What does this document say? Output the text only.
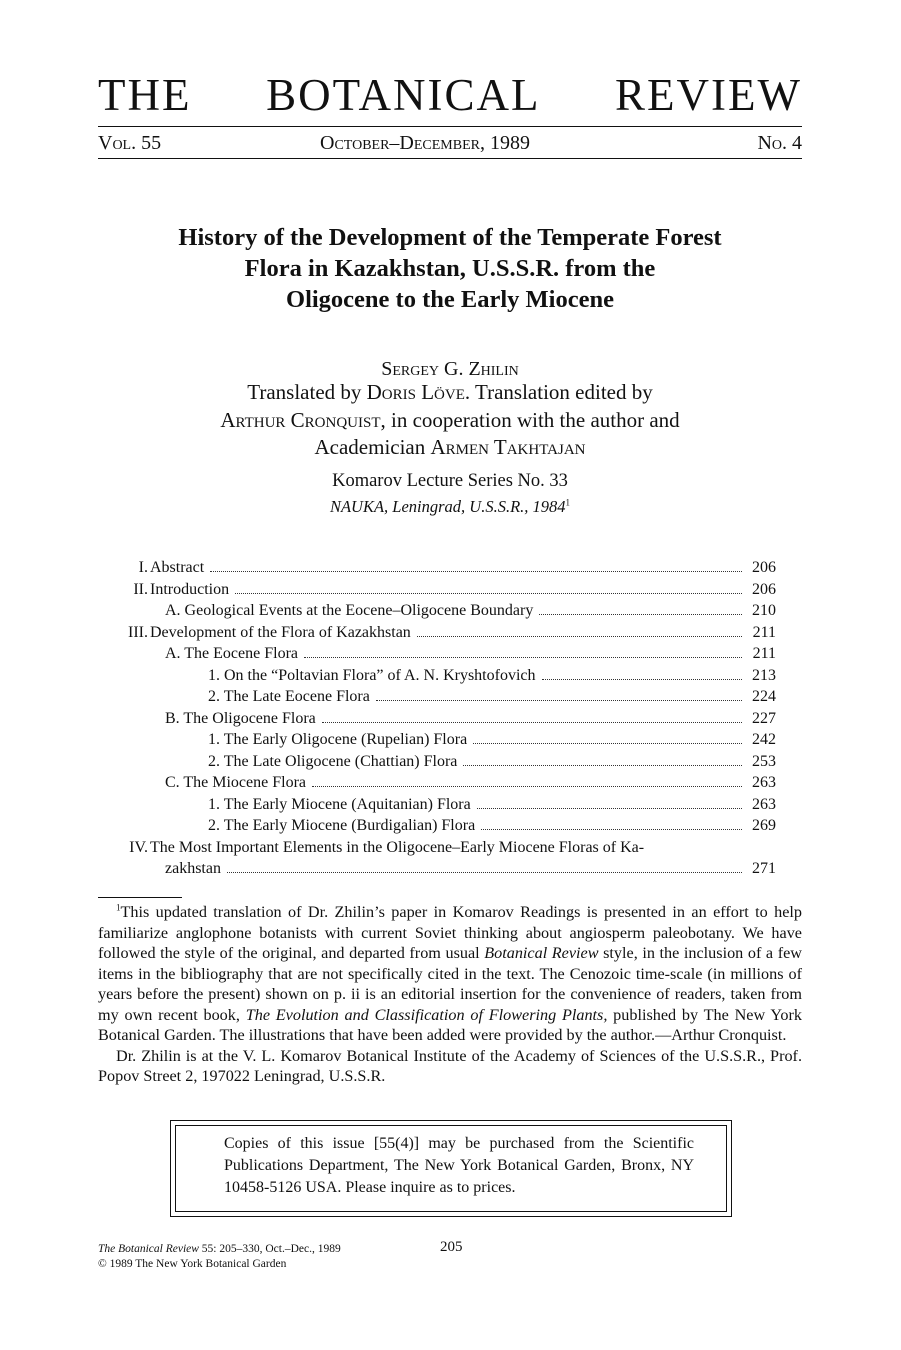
THE BOTANICAL REVIEW
Vol. 55	October–December, 1989	No. 4
History of the Development of the Temperate Forest
Flora in Kazakhstan, U.S.S.R. from the
Oligocene to the Early Miocene
Sergey G. Zhilin
Translated by Doris Löve. Translation edited by
Arthur Cronquist, in cooperation with the author and
Academician Armen Takhtajan
Komarov Lecture Series No. 33
NAUKA, Leningrad, U.S.S.R., 1984$^1$
I. Abstract	206
II. Introduction	206
A. Geological Events at the Eocene–Oligocene Boundary	210
III. Development of the Flora of Kazakhstan	211
A. The Eocene Flora	211
1. On the “Poltavian Flora” of A. N. Kryshtofovich	213
2. The Late Eocene Flora	224
B. The Oligocene Flora	227
1. The Early Oligocene (Rupelian) Flora	242
2. The Late Oligocene (Chattian) Flora	253
C. The Miocene Flora	263
1. The Early Miocene (Aquitanian) Flora	263
2. The Early Miocene (Burdigalian) Flora	269
IV. The Most Important Elements in the Oligocene–Early Miocene Floras of Ka-
zakhstan	271

$^1$This updated translation of Dr. Zhilin’s paper in Komarov Readings is presented in an effort to help familiarize anglophone botanists with current Soviet thinking about angiosperm paleobotany. We have followed the style of the original, and departed from usual Botanical Review style, in the inclusion of a few items in the bibliography that are not specifically cited in the text. The Cenozoic time-scale (in millions of years before the present) shown on p. ii is an editorial insertion for the convenience of readers, taken from my own recent book, The Evolution and Classification of Flowering Plants, published by The New York Botanical Garden. The illustrations that have been added were provided by the author.—Arthur Cronquist.

Dr. Zhilin is at the V. L. Komarov Botanical Institute of the Academy of Sciences of the U.S.S.R., Prof. Popov Street 2, 197022 Leningrad, U.S.S.R.

Copies of this issue [55(4)] may be purchased from the Scientific Publications Department, The New York Botanical Garden, Bronx, NY 10458-5126 USA. Please inquire as to prices.
The Botanical Review 55: 205–330, Oct.–Dec., 1989
© 1989 The New York Botanical Garden
205
